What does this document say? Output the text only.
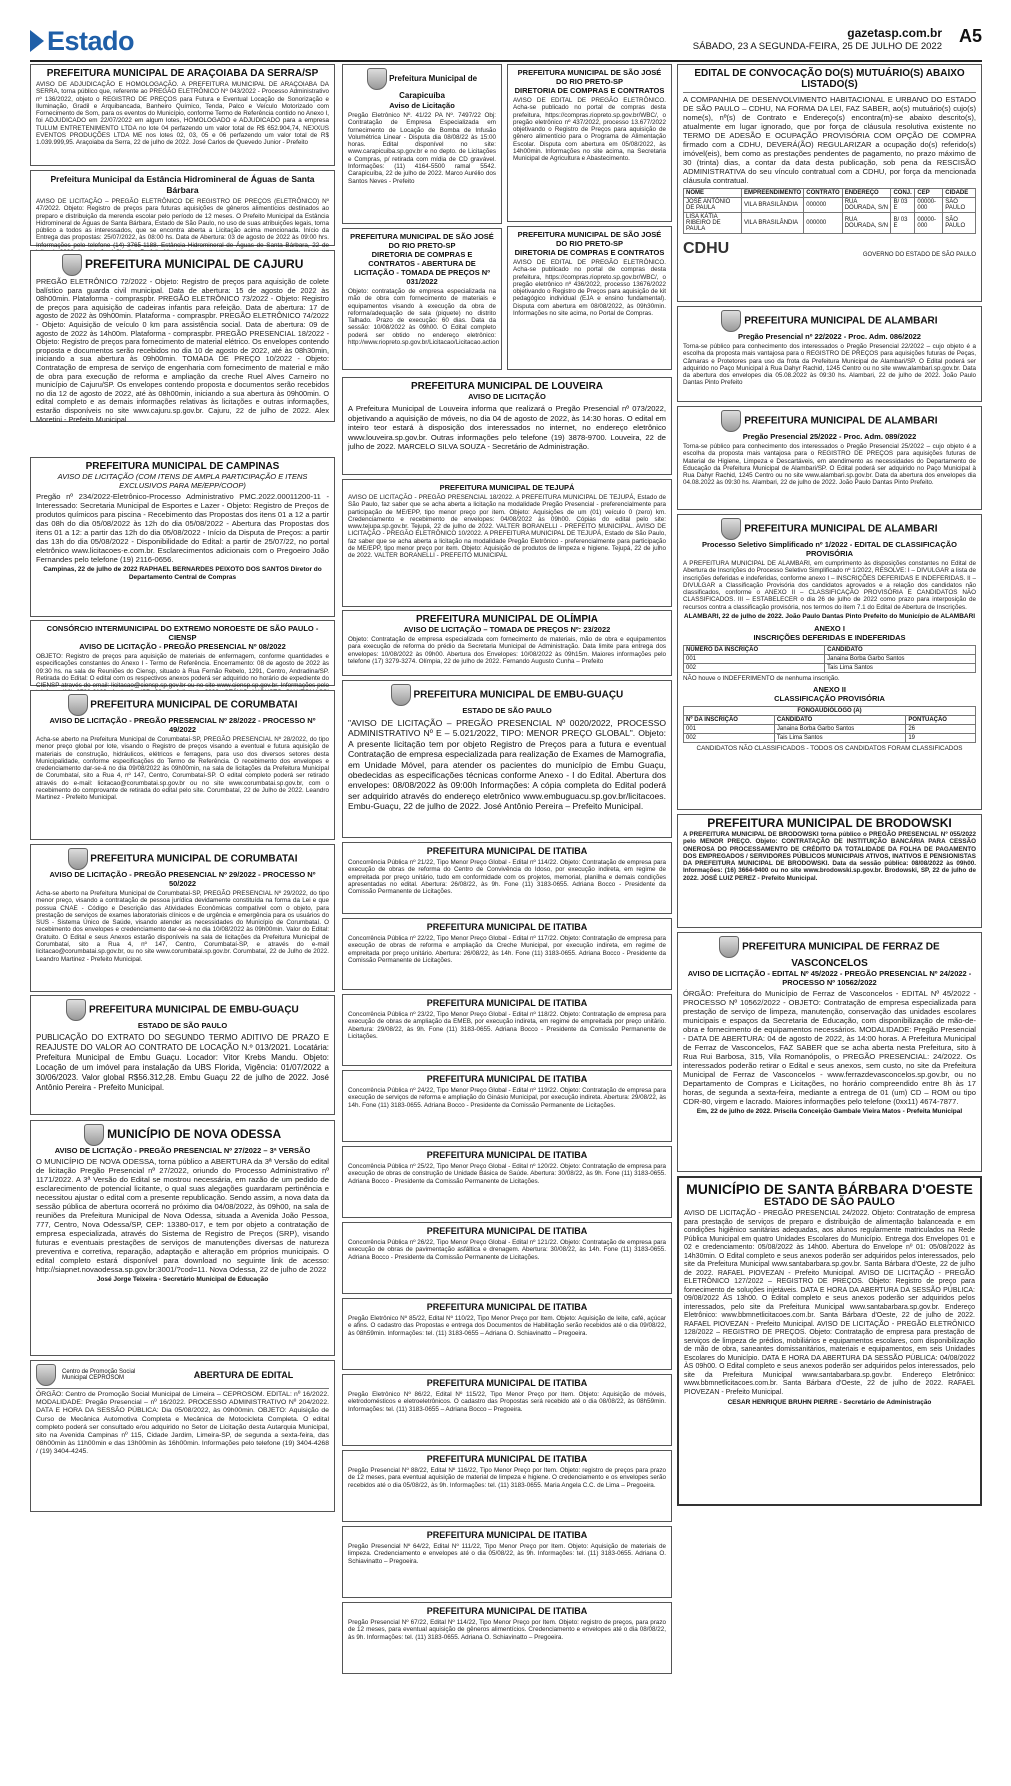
Estado	gazetasp.com.br
SÁBADO, 23 A SEGUNDA-FEIRA, 25 DE JULHO DE 2022
A5
PREFEITURA MUNICIPAL DE ARAÇOIABA DA SERRA/SP
AVISO DE ADJUDICAÇÃO E HOMOLOGAÇÃO. A PREFEITURA MUNICIPAL DE ARAÇOIABA DA SERRA, torna público que, referente ao PREGÃO ELETRÔNICO Nº 043/2022 - Processo Administrativo nº 136/2022, objeto o REGISTRO DE PREÇOS para Futura e Eventual Locação de Sonorização e Iluminação, Gradil e Arquibancada, Banheiro Químico, Tenda, Palco e Veículo Motorizado com Fornecimento de Som, para os eventos do Município, conforme Termo de Referência contido no Anexo I, foi ADJUDICADO em 22/07/2022 em algum lotes, HOMOLOGADO e ADJUDICADO para a empresa TULUM ENTRETENIMENTO LTDA no lote 04 perfazendo um valor total de R$ 652.904,74, NEXXUS EVENTOS PRODUÇÕES LTDA ME nos lotes 02, 03, 05 e 06 perfazendo um valor total de R$ 1.039.999,95. Araçoiaba da Serra, 22 de julho de 2022. José Carlos de Quevedo Junior - Prefeito
Prefeitura Municipal da Estância Hidromineral de Águas de Santa Bárbara
AVISO DE LICITAÇÃO – PREGÃO ELETRÔNICO DE REGISTRO DE PREÇOS (ELETRÔNICO) Nº 47/2022. Objeto: Registro de preços para futuras aquisições de gêneros alimentícios destinados ao preparo e distribuição da merenda escolar pelo período de 12 meses. O Prefeito Municipal da Estância Hidromineral de Águas de Santa Bárbara, Estado de São Paulo, no uso de suas atribuições legais, torna público a todos as interessados, que se encontra aberta a Licitação acima mencionada. Início da Entrega das propostas: 25/07/2022, às 08:00 hs. Data de Abertura: 03 de agosto de 2022 às 09:00 hrs. Informações pelo telefone (14) 3765-1188. Estância Hidromineral de Águas de Santa Bárbara, 22 de
PREFEITURA MUNICIPAL DE CAJURU
PREGÃO ELETRÔNICO 72/2022 - Objeto: Registro de preços para aquisição de colete balístico para guarda civil municipal. Data de abertura: 15 de agosto de 2022 às 08h00min. Plataforma - compraspbr. PREGÃO ELETRÔNICO 73/2022 - Objeto: Registro de preços para aquisição de cadeiras infantis para refeição. Data de abertura: 17 de agosto de 2022 às 09h00min. Plataforma - compraspbr. PREGÃO ELETRÔNICO 74/2022 - Objeto: Aquisição de veículo 0 km para assistência social. Data de abertura: 09 de agosto de 2022 às 14h00m. Plataforma - compraspbr. PREGÃO PRESENCIAL 18/2022 - Objeto: Registro de preços para fornecimento de material elétrico. Os envelopes contendo proposta e documentos serão recebidos no dia 10 de agosto de 2022, até às 08h30min, iniciando a sua abertura às 09h00min. TOMADA DE PREÇO 10/2022 - Objeto: Contratação de empresa de serviço de engenharia com fornecimento de material e mão de obra para execução de reforma e ampliação da creche Ruel Alves Carneiro no município de Cajuru/SP. Os envelopes contendo proposta e documentos serão recebidos no dia 12 de agosto de 2022, até às 08h00min, iniciando a sua abertura às 09h00min. O edital completo e as demais informações relativas às licitações e outras informações, estarão disponíveis no site www.cajuru.sp.gov.br. Cajuru, 22 de julho de 2022. Alex Moretini - Prefeito Municipal
PREFEITURA MUNICIPAL DE CAMPINAS
AVISO DE LICITAÇÃO (COM ITENS DE AMPLA PARTICIPAÇÃO E ITENS EXCLUSIVOS PARA ME/EPP/COOP)
Pregão nº 234/2022-Eletrônico-Processo Administrativo PMC.2022.00011200-11 - Interessado: Secretaria Municipal de Esportes e Lazer - Objeto: Registro de Preços de produtos químicos para piscina - Recebimento das Propostas dos itens 01 a 12 a partir das 08h do dia 05/08/2022 às 12h do dia 05/08/2022 - Abertura das Propostas dos itens 01 a 12: a partir das 12h do dia 05/08/2022 - Início da Disputa de Preços: a partir das 13h do dia 05/08/2022 - Disponibilidade do Edital: a partir de 25/07/22, no portal eletrônico www.licitacoes-e.com.br. Esclarecimentos adicionais com o Pregoeiro João Fernandes pelo telefone (19) 2116-0656.
Campinas, 22 de julho de 2022 RAPHAEL BERNARDES PEIXOTO DOS SANTOS Diretor do Departamento Central de Compras
CONSÓRCIO INTERMUNICIPAL DO EXTREMO NOROESTE DE SÃO PAULO - CIENSP
AVISO DE LICITAÇÃO - PREGÃO PRESENCIAL Nº 08/2022
OBJETO: Registro de preços para aquisição de materiais de enfermagem, conforme quantidades e especificações constantes do Anexo I - Termo de Referência. Encerramento: 08 de agosto de 2022 às 09:30 hs. na sala de Reuniões do Ciensp, situado à Rua Fernão Rebelo, 1291, Centro, Andradina/SP. Retirada do Edital: O edital com os respectivos anexos poderá ser adquirido no horário de expediente do CIENSP através do email: licitacao@ciensp.sp.gov.br ou no site www.ciensp.sp.gov.br. Informações pelo
PREFEITURA MUNICIPAL DE CORUMBATAI
AVISO DE LICITAÇÃO - PREGÃO PRESENCIAL Nº 28/2022 - PROCESSO Nº 49/2022
Acha-se aberto na Prefeitura Municipal de Corumbataí-SP, PREGÃO PRESENCIAL Nº 28/2022, do tipo menor preço global por lote, visando o Registro de preços visando a eventual e futura aquisição de materiais de construção, hidráulicos, elétricos e ferragens, para uso dos diversos setores desta Municipalidade, conforme especificações do Termo de Referência. O recebimento dos envelopes e credenciamento dar-se-á no dia 09/08/2022 às 09h00min, na sala de licitações da Prefeitura Municipal de Corumbataí, sito a Rua 4, nº 147, Centro, Corumbataí-SP. O edital completo poderá ser retirado através do e-mail: licitacao@corumbatai.sp.gov.br ou no site www.corumbatai.sp.gov.br, com o recebimento do comprovante de retirada do edital pelo site. Corumbataí, 22 de Julho de 2022. Leandro Martinez - Prefeito Municipal.
PREFEITURA MUNICIPAL DE CORUMBATAI
AVISO DE LICITAÇÃO - PREGÃO PRESENCIAL Nº 29/2022 - PROCESSO Nº 50/2022
Acha-se aberto na Prefeitura Municipal de Corumbataí-SP, PREGÃO PRESENCIAL Nº 29/2022, do tipo menor preço, visando a contratação de pessoa jurídica devidamente constituída na forma da Lei e que possua CNAE - Código e Descrição das Atividades Econômicas compatível com o objeto, para prestação de serviços de exames laboratoriais clínicos e de urgência e emergência para os usuários do SUS - Sistema Único de Saúde, visando atender as necessidades do Município de Corumbataí. O recebimento dos envelopes e credenciamento dar-se-á no dia 10/08/2022 às 09h00min. Valor do Edital: Gratuito. O Edital e seus Anexos estarão disponíveis na sala de licitações da Prefeitura Municipal de Corumbataí, sito a Rua 4, nº 147, Centro, Corumbataí-SP, e através do e-mail licitacao@corumbatai.sp.gov.br, ou no site www.corumbatai.sp.gov.br. Corumbataí, 22 de Julho de 2022. Leandro Martinez - Prefeito Municipal.
PREFEITURA MUNICIPAL DE EMBU-GUAÇU
ESTADO DE SÃO PAULO
PUBLICAÇÃO DO EXTRATO DO SEGUNDO TERMO ADITIVO DE PRAZO E REAJUSTE DO VALOR AO CONTRATO DE LOCAÇÃO N.º 013/2021. Locatária: Prefeitura Municipal de Embu Guaçu. Locador: Vitor Krebs Mandu. Objeto: Locação de um imóvel para instalação da UBS Florida, Vigência: 01/07/2022 a 30/06/2023. Valor global R$56.312,28. Embu Guaçu 22 de julho de 2022. José Antônio Pereira - Prefeito Municipal.
MUNICÍPIO DE NOVA ODESSA
AVISO DE LICITAÇÃO - PREGÃO PRESENCIAL Nº 27/2022 – 3ª VERSÃO
O MUNICÍPIO DE NOVA ODESSA, torna público a ABERTURA da 3ª Versão do edital de licitação Pregão Presencial nº 27/2022, oriundo do Processo Administrativo nº 1171/2022. A 3ª Versão do Edital se mostrou necessária, em razão de um pedido de esclarecimento de potencial licitante, o qual suas alegações guardaram pertinência e necessitou ajustar o edital com a presente republicação. Sendo assim, a nova data da sessão pública de abertura ocorrerá no próximo dia 04/08/2022, às 09h00, na sala de reuniões da Prefeitura Municipal de Nova Odessa, situada a Avenida João Pessoa, 777, Centro, Nova Odessa/SP, CEP: 13380-017, e tem por objeto a contratação de empresa especializada, através do Sistema de Registro de Preços (SRP), visando futuras e eventuais prestações de serviços de manutenções diversas de natureza preventiva e corretiva, reparação, adaptação e alteração em próprios municipais. O edital completo estará disponível para download no seguinte link de acesso: http://siapnet.novaodessa.sp.gov.br:3001/?cod=11. Nova Odessa, 22 de julho de 2022
José Jorge Teixeira - Secretário Municipal de Educação
Centro de Promoção Social Municipal CEPROSOM	ABERTURA DE EDITAL
ÓRGÃO: Centro de Promoção Social Municipal de Limeira – CEPROSOM. EDITAL: nº 16/2022. MODALIDADE: Pregão Presencial – nº 16/2022. PROCESSO ADMINISTRATIVO Nº 204/2022. DATA E HORA DA SESSÃO PÚBLICA: Dia 05/08/2022, às 09h00min. OBJETO: Aquisição de Curso de Mecânica Automotiva Completa e Mecânica de Motocicleta Completa. O edital completo poderá ser consultado e/ou adquirido no Setor de Licitação desta Autarquia Municipal, sito na Avenida Campinas nº 115, Cidade Jardim, Limeira-SP, de segunda a sexta-feira, das 08h00min às 11h00min e das 13h00min às 16h00min. Informações pelo telefone (19) 3404-4268 / (19) 3404-4245.
Prefeitura Municipal de Carapicuíba
Aviso de Licitação
Pregão Eletrônico Nº. 41/22 PA Nº. 7497/22 Obj: Contratação de Empresa Especializada em fornecimento de Locação de Bomba de Infusão Volumétrica Linear - Disputa dia 08/08/22 às 15:00 horas. Edital disponível no site: www.carapicuiba.sp.gov.br e no depto. de Licitações e Compras, p/ retirada com mídia de CD gravável. Informações: (11) 4164-5500 ramal 5542. Carapicuíba, 22 de julho de 2022. Marco Aurélio dos Santos Neves - Prefeito
PREFEITURA MUNICIPAL DE SÃO JOSÉ DO RIO PRETO-SP
DIRETORIA DE COMPRAS E CONTRATOS
AVISO DE EDITAL DE PREGÃO ELETRÔNICO. Acha-se publicado no portal de compras desta prefeitura, https://compras.riopreto.sp.gov.br/WBC/, o pregão eletrônico nº 437/2022, processo 13.677/2022 objetivando o Registro de Preços para aquisição de gênero alimentício para o Programa de Alimentação Escolar. Disputa com abertura em 05/08/2022, às 14h00min. Informações no site acima, na Secretaria Municipal de Agricultura e Abastecimento.
PREFEITURA MUNICIPAL DE SÃO JOSÉ DO RIO PRETO-SP
DIRETORIA DE COMPRAS E CONTRATOS - ABERTURA DE LICITAÇÃO - TOMADA DE PREÇOS Nº 031/2022
Objeto: contratação de empresa especializada na mão de obra com fornecimento de materiais e equipamentos visando à execução da obra de reforma/adequação de sala (piquete) no distrito Talhado. Prazo de execução: 60 dias. Data da sessão: 10/08/2022 às 09h00. O Edital completo poderá ser obtido no endereço eletrônico: http://www.riopreto.sp.gov.br/Licitacao/Licitacao.action
PREFEITURA MUNICIPAL DE SÃO JOSÉ DO RIO PRETO-SP
DIRETORIA DE COMPRAS E CONTRATOS
AVISO DE EDITAL DE PREGÃO ELETRÔNICO. Acha-se publicado no portal de compras desta prefeitura, https://compras.riopreto.sp.gov.br/WBC/, o pregão eletrônico nº 436/2022, processo 13676/2022 objetivando o Registro de Preços para aquisição de kit pedagógico individual (EJA e ensino fundamental). Disputa com abertura em 08/08/2022, às 09h30min. Informações no site acima, no Portal de Compras.
PREFEITURA MUNICIPAL DE LOUVEIRA
AVISO DE LICITAÇÃO
A Prefeitura Municipal de Louveira informa que realizará o Pregão Presencial nº 073/2022, objetivando a aquisição de móveis, no dia 04 de agosto de 2022, às 14:30 horas. O edital em inteiro teor estará à disposição dos interessados no internet, no endereço eletrônico www.louveira.sp.gov.br. Outras informações pelo telefone (19) 3878-9700. Louveira, 22 de julho de 2022. MARCELO SILVA SOUZA - Secretário de Administração.
PREFEITURA MUNICIPAL DE TEJUPÁ
AVISO DE LICITAÇÃO - PREGÃO PRESENCIAL 18/2022. A PREFEITURA MUNICIPAL DE TEJUPÁ, Estado de São Paulo, faz saber que se acha aberta a licitação na modalidade Pregão Presencial - preferencialmente para participação de ME/EPP, tipo menor preço por item. Objeto: Aquisições de um (01) veículo 0 (zero) km. Credenciamento e recebimento de envelopes: 04/08/2022 às 09h00. Cópias do edital pelo site: www.tejupa.sp.gov.br. Tejupá, 22 de julho de 2022. VALTER BORANELLI - PREFEITO MUNICIPAL. AVISO DE LICITAÇÃO - PREGÃO ELETRÔNICO 10/2022. A PREFEITURA MUNICIPAL DE TEJUPÁ, Estado de São Paulo, faz saber que se acha aberta a licitação na modalidade Pregão Eletrônico - preferencialmente para participação de ME/EPP, tipo menor preço por item. Objeto: Aquisição de produtos de limpeza e higiene. Tejupá, 22 de julho de 2022. VALTER BORANELLI - PREFEITO MUNICIPAL
PREFEITURA MUNICIPAL DE OLÍMPIA
AVISO DE LICITAÇÃO – TOMADA DE PREÇOS Nº: 23/2022
Objeto: Contratação de empresa especializada com fornecimento de materiais, mão de obra e equipamentos para execução de reforma do prédio da Secretaria Municipal de Administração. Data limite para entrega dos envelopes: 10/08/2022 às 09h00. Abertura dos Envelopes: 10/08/2022 às 09h15m. Maiores informações pelo telefone (17) 3279-3274. Olímpia, 22 de julho de 2022. Fernando Augusto Cunha – Prefeito
PREFEITURA MUNICIPAL DE EMBU-GUAÇU
ESTADO DE SÃO PAULO
"AVISO DE LICITAÇÃO – PREGÃO PRESENCIAL Nº 0020/2022, PROCESSO ADMINISTRATIVO Nº E – 5.021/2022, TIPO: MENOR PREÇO GLOBAL". Objeto: A presente licitação tem por objeto Registro de Preços para a futura e eventual Contratação de empresa especializada para realização de Exames de Mamografia, em Unidade Móvel, para atender os pacientes do município de Embu Guaçu, obedecidas as especificações técnicas conforme Anexo - I do Edital. Abertura dos envelopes: 08/08/2022 às 09:00h Informações: A cópia completa do Edital poderá ser adquirido através do endereço eletrônico www.embuguacu.sp.gov.br/licitacoes. Embu-Guaçu, 22 de julho de 2022. José Antônio Pereira – Prefeito Municipal.
PREFEITURA MUNICIPAL DE ITATIBA
Concorrência Pública nº 21/22, Tipo Menor Preço Global - Edital nº 114/22. Objeto: Contratação de empresa para execução de obras de reforma do Centro de Convivência do Idoso, por execução indireta, em regime de empreitada por preço unitário, tudo em conformidade com os projetos, memorial, planilha e demais condições apresentadas no edital. Abertura: 26/08/22, às 9h. Fone (11) 3183-0655. Adriana Bocco - Presidente da Comissão Permanente de Licitações.
PREFEITURA MUNICIPAL DE ITATIBA
Concorrência Pública nº 22/22, Tipo Menor Preço Global - Edital nº 117/22. Objeto: Contratação de empresa para execução de obras de reforma e ampliação da Creche Municipal, por execução indireta, em regime de empreitada por preço unitário. Abertura: 26/08/22, às 14h. Fone (11) 3183-0655. Adriana Bocco - Presidente da Comissão Permanente de Licitações.
PREFEITURA MUNICIPAL DE ITATIBA
Concorrência Pública nº 23/22, Tipo Menor Preço Global - Edital nº 118/22. Objeto: Contratação de empresa para execução de obras de ampliação da EMEB, por execução indireta, em regime de empreitada por preço unitário. Abertura: 29/08/22, às 9h. Fone (11) 3183-0655. Adriana Bocco - Presidente da Comissão Permanente de Licitações.
PREFEITURA MUNICIPAL DE ITATIBA
Concorrência Pública nº 24/22, Tipo Menor Preço Global - Edital nº 119/22. Objeto: Contratação de empresa para execução de serviços de reforma e ampliação do Ginásio Municipal, por execução indireta. Abertura: 29/08/22, às 14h. Fone (11) 3183-0655. Adriana Bocco - Presidente da Comissão Permanente de Licitações.
PREFEITURA MUNICIPAL DE ITATIBA
Concorrência Pública nº 25/22, Tipo Menor Preço Global - Edital nº 120/22. Objeto: Contratação de empresa para execução de obras de construção de Unidade Básica de Saúde. Abertura: 30/08/22, às 9h. Fone (11) 3183-0655. Adriana Bocco - Presidente da Comissão Permanente de Licitações.
PREFEITURA MUNICIPAL DE ITATIBA
Concorrência Pública nº 26/22, Tipo Menor Preço Global - Edital nº 121/22. Objeto: Contratação de empresa para execução de obras de pavimentação asfáltica e drenagem. Abertura: 30/08/22, às 14h. Fone (11) 3183-0655. Adriana Bocco - Presidente da Comissão Permanente de Licitações.
PREFEITURA MUNICIPAL DE ITATIBA
Pregão Eletrônico Nº 85/22, Edital Nº 110/22, Tipo Menor Preço por Item. Objeto: Aquisição de leite, café, açúcar e afins. O cadastro das Propostas e entrega dos Documentos de Habilitação serão recebidos até o dia 09/08/22, às 08h59min. Informações: tel. (11) 3183-0655 – Adriana O. Schiavinatto – Pregoeira.
PREFEITURA MUNICIPAL DE ITATIBA
Pregão Eletrônico Nº 86/22, Edital Nº 115/22, Tipo Menor Preço por Item. Objeto: Aquisição de móveis, eletrodomésticos e eletroeletrônicos. O cadastro das Propostas será recebido até o dia 08/08/22, às 08h59min. Informações: tel. (11) 3183-0655 – Adriana Bocco – Pregoeira.
PREFEITURA MUNICIPAL DE ITATIBA
Pregão Presencial Nº 88/22, Edital Nº 116/22, Tipo Menor Preço por Item. Objeto: registro de preços para prazo de 12 meses, para eventual aquisição de material de limpeza e higiene. O credenciamento e os envelopes serão recebidos até o dia 05/08/22, às 9h. Informações: tel. (11) 3183-0655. Maria Angela C.C. de Lima – Pregoeira.
PREFEITURA MUNICIPAL DE ITATIBA
Pregão Presencial Nº 64/22, Edital Nº 111/22, Tipo Menor Preço por Item. Objeto: Aquisição de materiais de limpeza. Credenciamento e envelopes até o dia 05/08/22, às 9h. Informações: tel. (11) 3183-0655. Adriana O. Schiavinatto – Pregoeira.
PREFEITURA MUNICIPAL DE ITATIBA
Pregão Presencial Nº 67/22, Edital Nº 114/22, Tipo Menor Preço por Item. Objeto: registro de preços, para prazo de 12 meses, para eventual aquisição de gêneros alimentícios. Credenciamento e envelopes até o dia 08/08/22, às 9h. Informações: tel. (11) 3183-0655. Adriana O. Schiavinatto – Pregoeira.
EDITAL DE CONVOCAÇÃO DO(S) MUTUÁRIO(S) ABAIXO LISTADO(S)
A COMPANHIA DE DESENVOLVIMENTO HABITACIONAL E URBANO DO ESTADO DE SÃO PAULO – CDHU, NA FORMA DA LEI, FAZ SABER, ao(s) mutuário(s) cujo(s) nome(s), nº(s) de Contrato e Endereço(s) encontra(m)-se abaixo descrito(s), atualmente em lugar ignorado, que por força de cláusula resolutiva existente no TERMO DE ADESÃO E OCUPAÇÃO PROVISÓRIA COM OPÇÃO DE COMPRA firmado com a CDHU, DEVERÁ(ÃO) REGULARIZAR a ocupação do(s) referido(s) imóvel(eis), bem como as prestações pendentes de pagamento, no prazo máximo de 30 (trinta) dias, a contar da data desta publicação, sob pena da RESCISÃO ADMINISTRATIVA do seu vínculo contratual com a CDHU, por força da mencionada cláusula contratual.
NOME	EMPREENDIMENTO	CONTRATO	ENDEREÇO	CONJ.	CEP	CIDADE
JOSÉ ANTÔNIO DE PAULA	VILA BRASILÂNDIA	000000	RUA DOURADA, S/N	B/ 03 E	00000-000	SÃO PAULO
LISA KÁTIA RIBEIRO DE PAULA	VILA BRASILÂNDIA	000000	RUA DOURADA, S/N	B/ 03 E	00000-000	SÃO PAULO
CDHU	GOVERNO DO ESTADO DE SÃO PAULO
PREFEITURA MUNICIPAL DE ALAMBARI
Pregão Presencial nº 22/2022 - Proc. Adm. 086/2022
Torna-se público para conhecimento dos interessados o Pregão Presencial 22/2022 – cujo objeto é a escolha da proposta mais vantajosa para o REGISTRO DE PREÇOS para aquisições futuras de Peças, Câmaras e Protetores para uso da frota da Prefeitura Municipal de Alambari/SP. O Edital poderá ser adquirido no Paço Municipal à Rua Dahyr Rachid, 1245 Centro ou no site www.alambari.sp.gov.br. Data da abertura dos envelopes dia 05.08.2022 às 09:30 hs. Alambari, 22 de julho de 2022. João Paulo Dantas Pinto Prefeito
PREFEITURA MUNICIPAL DE ALAMBARI
Pregão Presencial 25/2022 - Proc. Adm. 089/2022
Torna-se público para conhecimento dos interessados o Pregão Presencial 25/2022 – cujo objeto é a escolha da proposta mais vantajosa para o REGISTRO DE PREÇOS para aquisições futuras de Material de Higiene, Limpeza e Descartáveis, em atendimento as necessidades do Departamento de Educação da Prefeitura Municipal de Alambari/SP. O Edital poderá ser adquirido no Paço Municipal à Rua Dahyr Rachid, 1245 Centro ou no site www.alambari.sp.gov.br. Data da abertura dos envelopes dia 04.08.2022 às 09:30 hs. Alambari, 22 de julho de 2022. João Paulo Dantas Pinto Prefeito.
PREFEITURA MUNICIPAL DE ALAMBARI
Processo Seletivo Simplificado nº 1/2022 - EDITAL DE CLASSIFICAÇÃO PROVISÓRIA
A PREFEITURA MUNICIPAL DE ALAMBARI, em cumprimento às disposições constantes no Edital de Abertura de Inscrições do Processo Seletivo Simplificado nº 1/2022, RESOLVE: I – DIVULGAR a lista de inscrições deferidas e indeferidas, conforme anexo I – INSCRIÇÕES DEFERIDAS E INDEFERIDAS. II – DIVULGAR a Classificação Provisória dos candidatos aprovados e a relação dos candidatos não classificados, conforme o ANEXO II – CLASSIFICAÇÃO PROVISÓRIA E CANDIDATOS NÃO CLASSIFICADOS. III – ESTABELECER o dia 26 de julho de 2022 como prazo para interposição de recursos contra a classificação provisória, nos termos do item 7.1 do Edital de Abertura de Inscrições.
ALAMBARI, 22 de julho de 2022. João Paulo Dantas Pinto Prefeito do Município de ALAMBARI
ANEXO I
INSCRIÇÕES DEFERIDAS E INDEFERIDAS
NÚMERO DA INSCRIÇÃO	CANDIDATO
001	Janaina Borba Garbo Santos
002	Tais Lima Santos
NÃO houve o INDEFERIMENTO de nenhuma inscrição.
ANEXO II
CLASSIFICAÇÃO PROVISÓRIA
FONOAUDIÓLOGO (A)		
Nº DA INSCRIÇÃO	CANDIDATO	PONTUAÇÃO
001	Janaina Borba Garbo Santos	26
002	Tais Lima Santos	19
CANDIDATOS NÃO CLASSIFICADOS - TODOS OS CANDIDATOS FORAM CLASSIFICADOS
PREFEITURA MUNICIPAL DE BRODOWSKI
A PREFEITURA MUNICIPAL DE BRODOWSKI torna público o PREGÃO PRESENCIAL Nº 055/2022 pelo MENOR PREÇO. Objeto: CONTRATAÇÃO DE INSTITUIÇÃO BANCÁRIA PARA CESSÃO ONEROSA DO PROCESSAMENTO DE CRÉDITO DA TOTALIDADE DA FOLHA DE PAGAMENTO DOS EMPREGADOS / SERVIDORES PÚBLICOS MUNICIPAIS ATIVOS, INATIVOS E PENSIONISTAS DA PREFEITURA MUNICIPAL DE BRODOWSKI. Data da sessão pública: 08/08/2022 às 09h00. Informações: (16) 3664-9400 ou no site www.brodowski.sp.gov.br. Brodowski, SP, 22 de julho de 2022. JOSÉ LUIZ PEREZ - Prefeito Municipal.
PREFEITURA MUNICIPAL DE FERRAZ DE VASCONCELOS
AVISO DE LICITAÇÃO - EDITAL Nº 45/2022 - PREGÃO PRESENCIAL Nº 24/2022 - PROCESSO Nº 10562/2022
ÓRGÃO: Prefeitura do Município de Ferraz de Vasconcelos - EDITAL Nº 45/2022 - PROCESSO Nº 10562/2022 - OBJETO: Contratação de empresa especializada para prestação de serviço de limpeza, manutenção, conservação das unidades escolares municipais e espaços da Secretaria de Educação, com disponibilização de mão-de-obra e fornecimento de equipamentos necessários. MODALIDADE: Pregão Presencial - DATA DE ABERTURA: 04 de agosto de 2022, às 14:00 horas. A Prefeitura Municipal de Ferraz de Vasconcelos, FAZ SABER que se acha aberta nesta Prefeitura, sito à Rua Rui Barbosa, 315, Vila Romanópolis, o PREGÃO PRESENCIAL: 24/2022. Os interessados poderão retirar o Edital e seus anexos, sem custo, no site da Prefeitura Municipal de Ferraz de Vasconcelos - www.ferrazdevasconcelos.sp.gov.br, ou no Departamento de Compras e Licitações, no horário compreendido entre 8h às 17 horas, de segunda a sexta-feira, mediante a entrega de 01 (um) CD – ROM ou tipo CDR-80, virgem e lacrado. Maiores informações pelo telefone (0xx11) 4674-7877.
Em, 22 de julho de 2022. Priscila Conceição Gambale Vieira Matos - Prefeita Municipal
MUNICÍPIO DE SANTA BÁRBARA D'OESTE
ESTADO DE SÃO PAULO
AVISO DE LICITAÇÃO - PREGÃO PRESENCIAL 24/2022. Objeto: Contratação de empresa para prestação de serviços de preparo e distribuição de alimentação balanceada e em condições higiênico sanitárias adequadas, aos alunos regularmente matriculados na Rede Pública Municipal em quatro Unidades Escolares do Município. Entrega dos Envelopes 01 e 02 e credenciamento: 05/08/2022 às 14h00. Abertura do Envelope nº 01: 05/08/2022 às 14h30min. O Edital completo e seus anexos poderão ser adquiridos pelos interessados, pelo site da Prefeitura Municipal www.santabarbara.sp.gov.br. Santa Bárbara d'Oeste, 22 de julho de 2022. RAFAEL PIOVEZAN - Prefeito Municipal. AVISO DE LICITAÇÃO - PREGÃO ELETRÔNICO 127/2022 – REGISTRO DE PREÇOS. Objeto: Registro de preço para fornecimento de soluções injetáveis. DATA E HORA DA ABERTURA DA SESSÃO PÚBLICA: 09/08/2022 ÀS 13h00. O Edital completo e seus anexos poderão ser adquiridos pelos interessados, pelo site da Prefeitura Municipal www.santabarbara.sp.gov.br. Endereço Eletrônico: www.bbmnetlicitacoes.com.br. Santa Bárbara d'Oeste, 22 de julho de 2022. RAFAEL PIOVEZAN - Prefeito Municipal. AVISO DE LICITAÇÃO - PREGÃO ELETRÔNICO 128/2022 – REGISTRO DE PREÇOS. Objeto: Contratação de empresa para prestação de serviços de limpeza de prédios, mobiliários e equipamentos escolares, com disponibilização de mão de obra, saneantes domissanitários, materiais e equipamentos, em seis Unidades Escolares do Município. DATA E HORA DA ABERTURA DA SESSÃO PÚBLICA: 04/08/2022 ÀS 09h00. O Edital completo e seus anexos poderão ser adquiridos pelos interessados, pelo site da Prefeitura Municipal www.santabarbara.sp.gov.br. Endereço Eletrônico: www.bbmnetlicitacoes.com.br. Santa Bárbara d'Oeste, 22 de julho de 2022. RAFAEL PIOVEZAN - Prefeito Municipal.
CESAR HENRIQUE BRUHN PIERRE - Secretário de Administração
